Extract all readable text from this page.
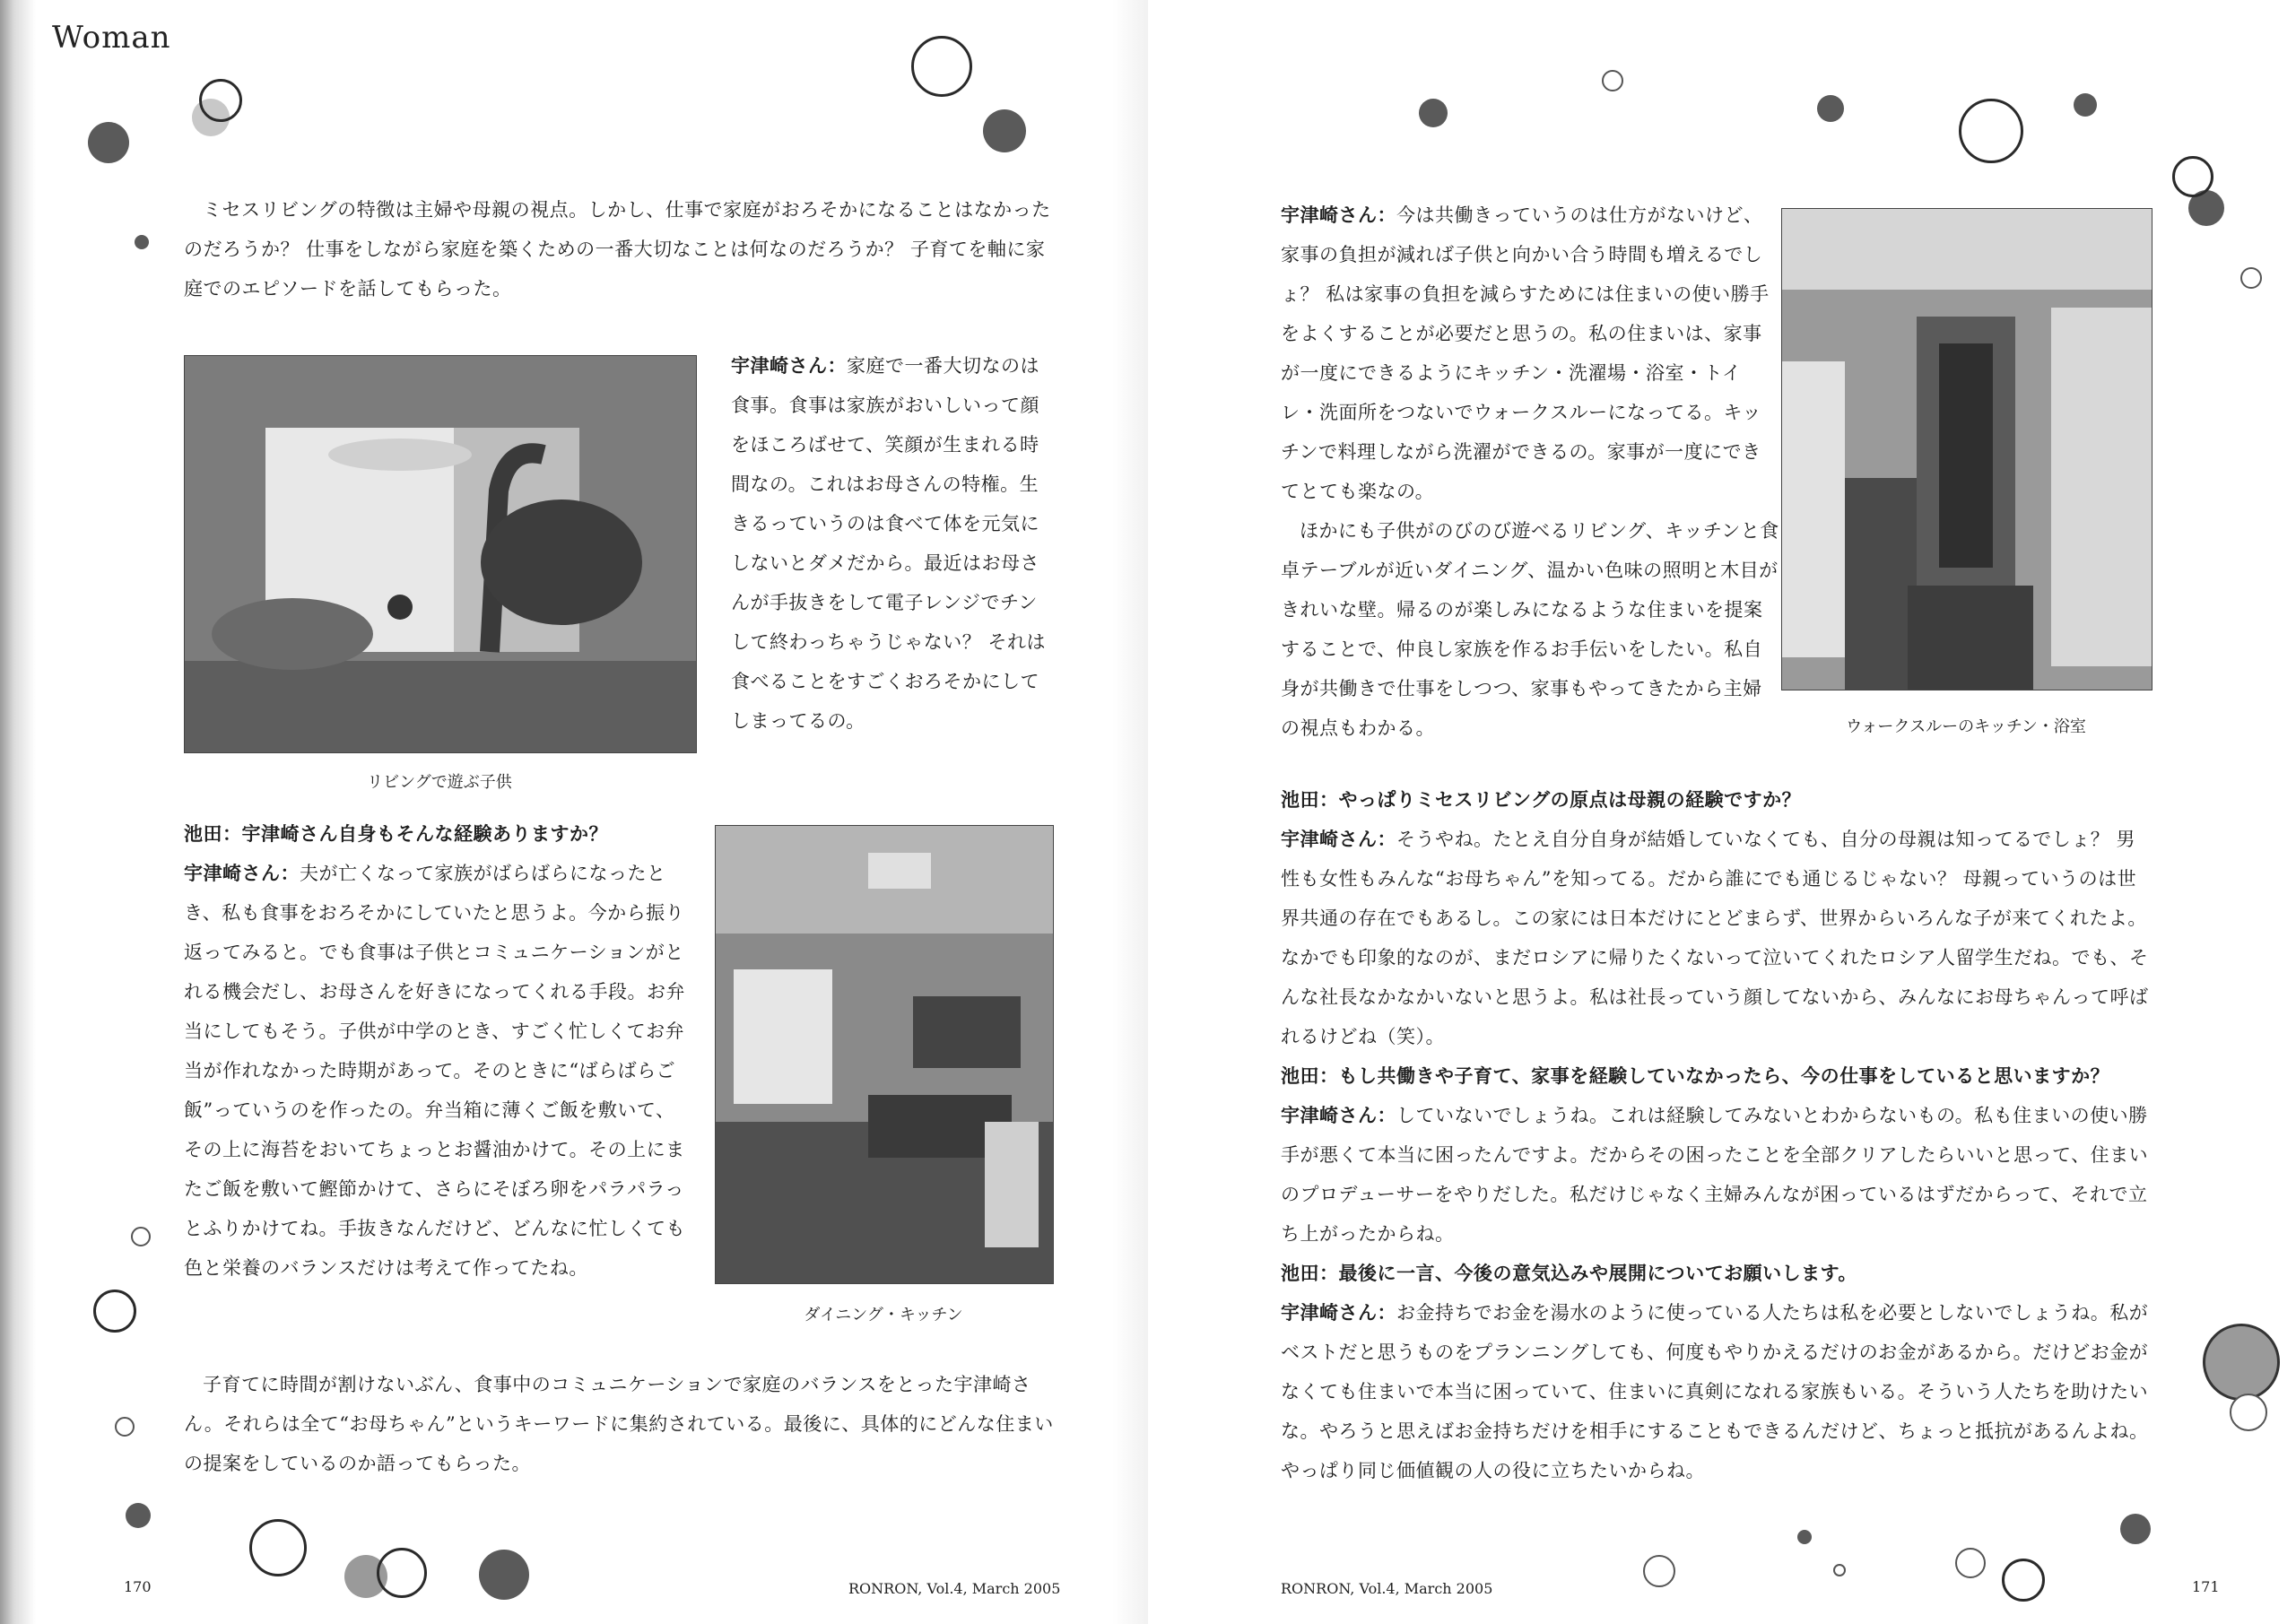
Woman
ミセスリビングの特徴は主婦や母親の視点。しかし、仕事で家庭がおろそかになることはなかったのだろうか？ 仕事をしながら家庭を築くための一番大切なことは何なのだろうか？ 子育てを軸に家庭でのエピソードを話してもらった。
リビングで遊ぶ子供
宇津崎さん：家庭で一番大切なのは食事。食事は家族がおいしいって顔をほころばせて、笑顔が生まれる時間なの。これはお母さんの特権。生きるっていうのは食べて体を元気にしないとダメだから。最近はお母さんが手抜きをして電子レンジでチンして終わっちゃうじゃない？ それは食べることをすごくおろそかにしてしまってるの。
池田：宇津崎さん自身もそんな経験ありますか？
宇津崎さん：夫が亡くなって家族がばらばらになったとき、私も食事をおろそかにしていたと思うよ。今から振り返ってみると。でも食事は子供とコミュニケーションがとれる機会だし、お母さんを好きになってくれる手段。お弁当にしてもそう。子供が中学のとき、すごく忙しくてお弁当が作れなかった時期があって。そのときに“ばらばらご飯”っていうのを作ったの。弁当箱に薄くご飯を敷いて、その上に海苔をおいてちょっとお醤油かけて。その上にまたご飯を敷いて鰹節かけて、さらにそぼろ卵をパラパラっとふりかけてね。手抜きなんだけど、どんなに忙しくても色と栄養のバランスだけは考えて作ってたね。
ダイニング・キッチン
子育てに時間が割けないぶん、食事中のコミュニケーションで家庭のバランスをとった宇津崎さん。それらは全て“お母ちゃん”というキーワードに集約されている。最後に、具体的にどんな住まいの提案をしているのか語ってもらった。
170	RONRON, Vol.4, March 2005

宇津崎さん：今は共働きっていうのは仕方がないけど、家事の負担が減れば子供と向かい合う時間も増えるでしょ？ 私は家事の負担を減らすためには住まいの使い勝手をよくすることが必要だと思うの。私の住まいは、家事が一度にできるようにキッチン・洗濯場・浴室・トイレ・洗面所をつないでウォークスルーになってる。キッチンで料理しながら洗濯ができるの。家事が一度にできてとても楽なの。

ほかにも子供がのびのび遊べるリビング、キッチンと食卓テーブルが近いダイニング、温かい色味の照明と木目がきれいな壁。帰るのが楽しみになるような住まいを提案することで、仲良し家族を作るお手伝いをしたい。私自身が共働きで仕事をしつつ、家事もやってきたから主婦の視点もわかる。	ウォークスルーのキッチン・浴室

池田：やっぱりミセスリビングの原点は母親の経験ですか？

宇津崎さん：そうやね。たとえ自分自身が結婚していなくても、自分の母親は知ってるでしょ？ 男性も女性もみんな“お母ちゃん”を知ってる。だから誰にでも通じるじゃない？ 母親っていうのは世界共通の存在でもあるし。この家には日本だけにとどまらず、世界からいろんな子が来てくれたよ。なかでも印象的なのが、まだロシアに帰りたくないって泣いてくれたロシア人留学生だね。でも、そんな社長なかなかいないと思うよ。私は社長っていう顔してないから、みんなにお母ちゃんって呼ばれるけどね（笑）。

池田：もし共働きや子育て、家事を経験していなかったら、今の仕事をしていると思いますか？

宇津崎さん：していないでしょうね。これは経験してみないとわからないもの。私も住まいの使い勝手が悪くて本当に困ったんですよ。だからその困ったことを全部クリアしたらいいと思って、住まいのプロデューサーをやりだした。私だけじゃなく主婦みんなが困っているはずだからって、それで立ち上がったからね。

池田：最後に一言、今後の意気込みや展開についてお願いします。

宇津崎さん：お金持ちでお金を湯水のように使っている人たちは私を必要としないでしょうね。私がベストだと思うものをプランニングしても、何度もやりかえるだけのお金があるから。だけどお金がなくても住まいで本当に困っていて、住まいに真剣になれる家族もいる。そういう人たちを助けたいな。やろうと思えばお金持ちだけを相手にすることもできるんだけど、ちょっと抵抗があるんよね。やっぱり同じ価値観の人の役に立ちたいからね。

RONRON, Vol.4, March 2005	171
